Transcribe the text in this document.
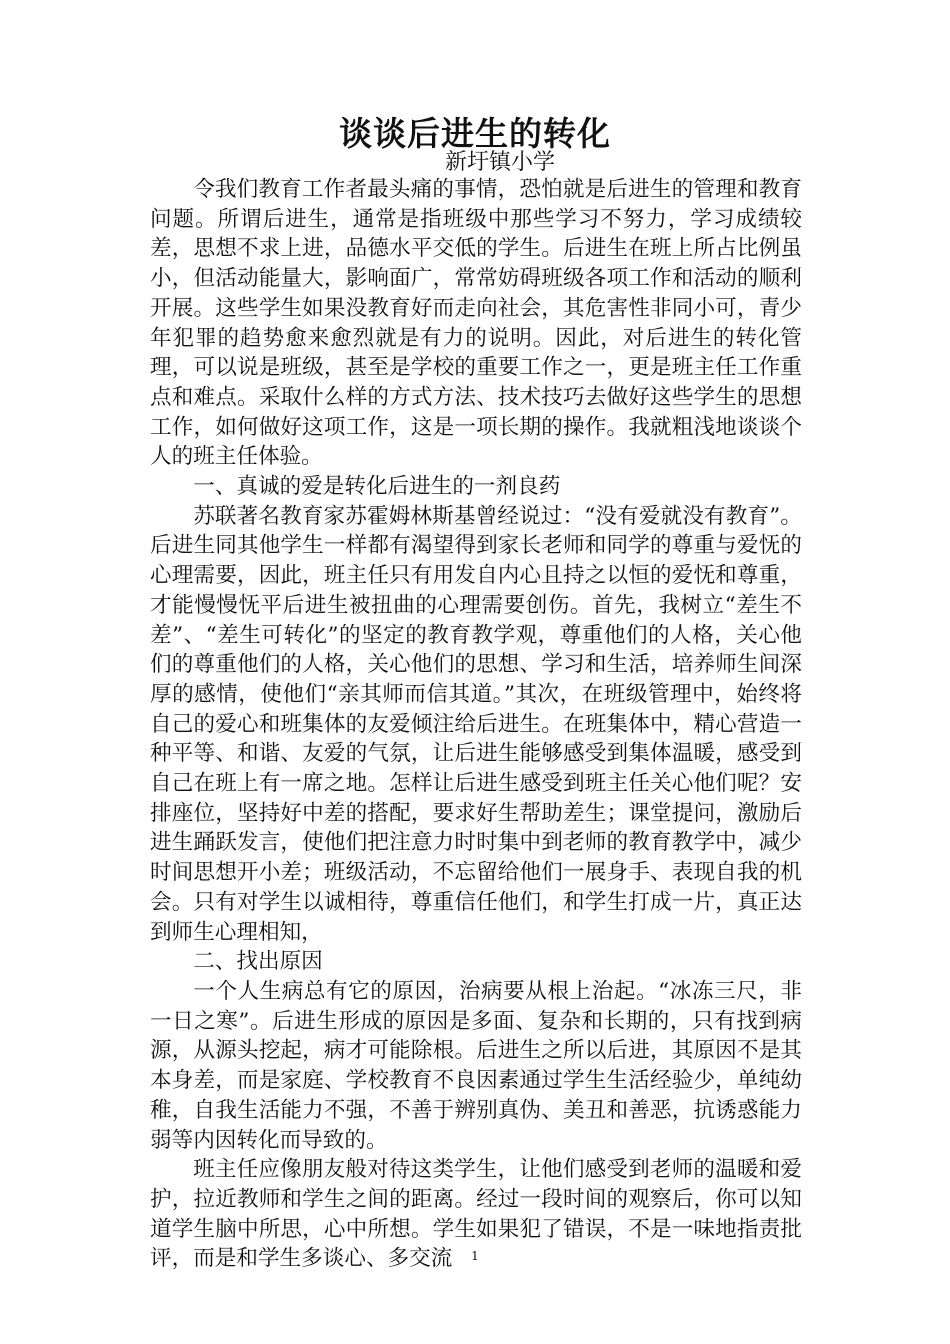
谈谈后进生的转化
新圩镇小学

令我们教育工作者最头痛的事情，恐怕就是后进生的管理和教育问题。所谓后进生，通常是指班级中那些学习不努力，学习成绩较差，思想不求上进，品德水平交低的学生。后进生在班上所占比例虽小，但活动能量大，影响面广，常常妨碍班级各项工作和活动的顺利开展。这些学生如果没教育好而走向社会，其危害性非同小可，青少年犯罪的趋势愈来愈烈就是有力的说明。因此，对后进生的转化管理，可以说是班级，甚至是学校的重要工作之一，更是班主任工作重点和难点。采取什么样的方式方法、技术技巧去做好这些学生的思想工作，如何做好这项工作，这是一项长期的操作。我就粗浅地谈谈个人的班主任体验。

一、真诚的爱是转化后进生的一剂良药

苏联著名教育家苏霍姆林斯基曾经说过：“没有爱就没有教育”。 后进生同其他学生一样都有渴望得到家长老师和同学的尊重与爱怃的心理需要，因此，班主任只有用发自内心且持之以恒的爱怃和尊重，才能慢慢怃平后进生被扭曲的心理需要创伤。首先，我树立“差生不差”、“差生可转化”的坚定的教育教学观，尊重他们的人格，关心他们的尊重他们的人格，关心他们的思想、学习和生活，培养师生间深厚的感情，使他们“亲其师而信其道。”其次，在班级管理中，始终将自己的爱心和班集体的友爱倾注给后进生。在班集体中，精心营造一种平等、和谐、友爱的气氛，让后进生能够感受到集体温暖，感受到自己在班上有一席之地。怎样让后进生感受到班主任关心他们呢？安排座位，坚持好中差的搭配，要求好生帮助差生；课堂提问，激励后进生踊跃发言，使他们把注意力时时集中到老师的教育教学中，减少时间思想开小差；班级活动，不忘留给他们一展身手、表现自我的机会。只有对学生以诚相待，尊重信任他们，和学生打成一片，真正达到师生心理相知，

二、找出原因

一个人生病总有它的原因，治病要从根上治起。“冰冻三尺，非一日之寒”。后进生形成的原因是多面、复杂和长期的，只有找到病源，从源头挖起，病才可能除根。后进生之所以后进，其原因不是其本身差，而是家庭、学校教育不良因素通过学生生活经验少，单纯幼稚，自我生活能力不强，不善于辨别真伪、美丑和善恶，抗诱惑能力弱等内因转化而导致的。

班主任应像朋友般对待这类学生，让他们感受到老师的温暖和爱护，拉近教师和学生之间的距离。经过一段时间的观察后，你可以知道学生脑中所思，心中所想。学生如果犯了错误，不是一味地指责批评，而是和学生多谈心、多交流	1
